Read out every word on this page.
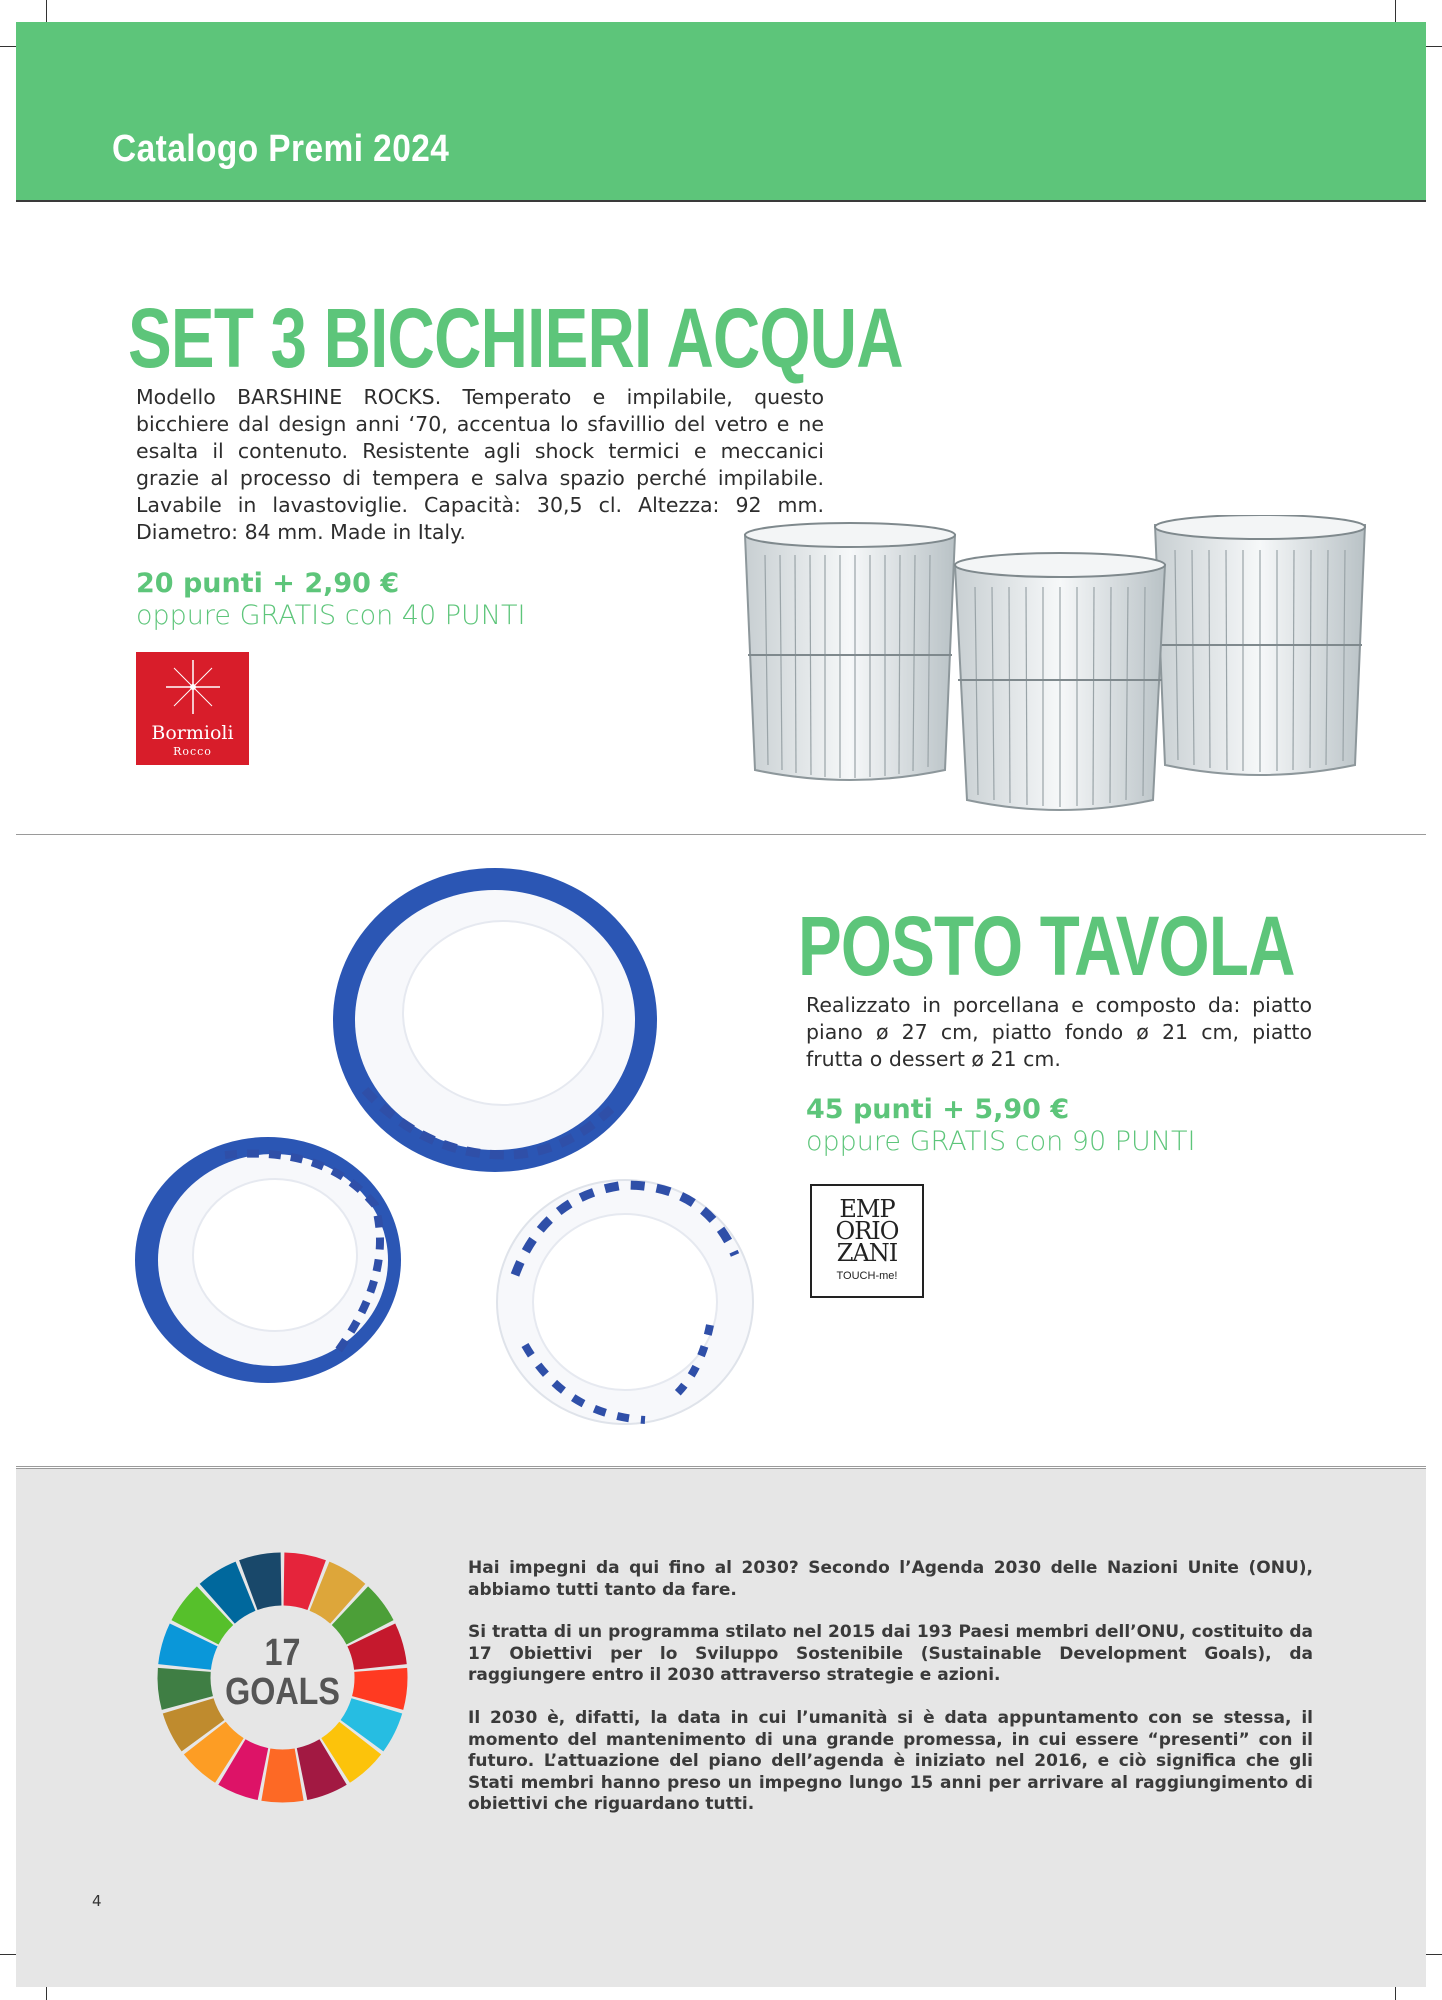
Catalogo Premi 2024
SET 3 BICCHIERI ACQUA
Modello BARSHINE ROCKS. Temperato e impilabile, questo bicchiere dal design anni ‘70, accentua lo sfavillio del vetro e ne esalta il contenuto. Resistente agli shock termici e meccanici grazie al processo di tempera e salva spazio perché impilabile. Lavabile in lavastoviglie. Capacità: 30,5 cl. Altezza: 92 mm. Diametro: 84 mm. Made in Italy.
20 punti + 2,90 €
oppure GRATIS con 40 PUNTI
Bormioli
Rocco
POSTO TAVOLA
Realizzato in porcellana e composto da: piatto piano ø 27 cm, piatto fondo ø 21 cm, piatto frutta o dessert ø 21 cm.
45 punti + 5,90 €
oppure GRATIS con 90 PUNTI
EMP
ORIO
ZANI
TOUCH-me!
17
GOALS
Hai impegni da qui fino al 2030? Secondo l’Agenda 2030 delle Nazioni Unite (ONU), abbiamo tutti tanto da fare.
Si tratta di un programma stilato nel 2015 dai 193 Paesi membri dell’ONU, costituito da 17 Obiettivi per lo Sviluppo Sostenibile (Sustainable Development Goals), da raggiungere entro il 2030 attraverso strategie e azioni.
Il 2030 è, difatti, la data in cui l’umanità si è data appuntamento con se stessa, il momento del mantenimento di una grande promessa, in cui essere “presenti” con il futuro. L’attuazione del piano dell’agenda è iniziato nel 2016, e ciò significa che gli Stati membri hanno preso un impegno lungo 15 anni per arrivare al raggiungimento di obiettivi che riguardano tutti.
4
